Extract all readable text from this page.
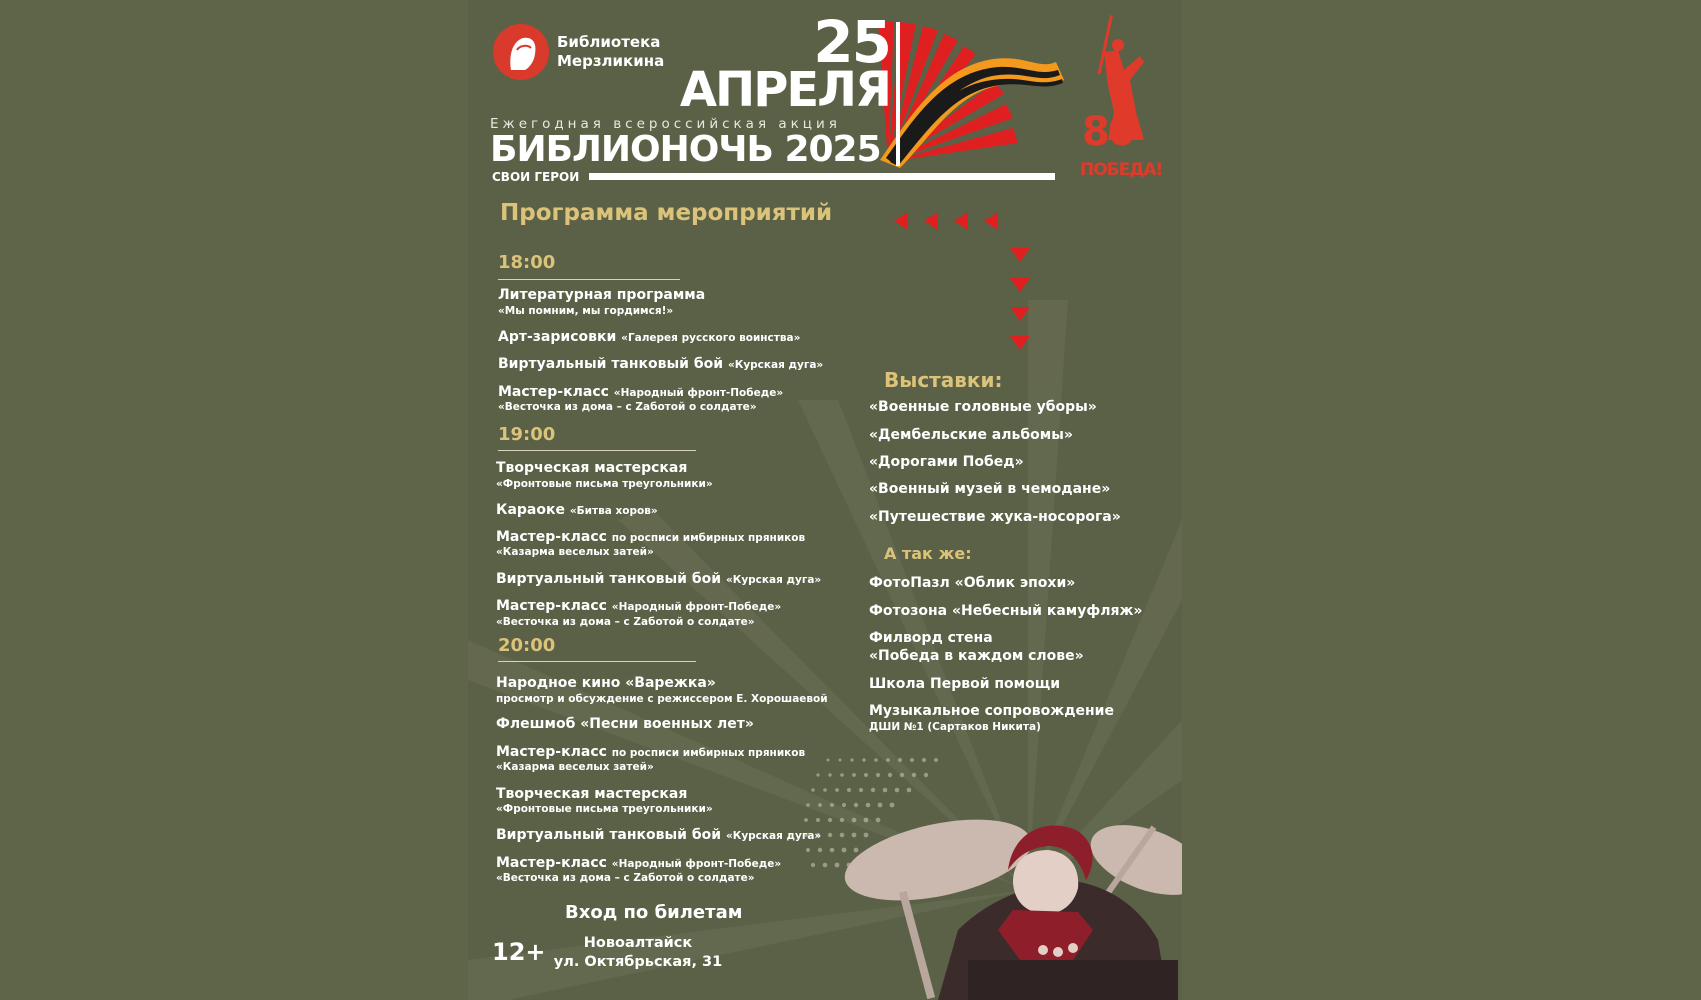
Библиотека
Мерзликина	25
АПРЕЛЯ
Ежегодная всероссийская акция
БИБЛИОНОЧЬ 2025
СВОИ ГЕРОИ
80
ПОБЕДА!
Программа мероприятий
18:00
Литературная программа
«Мы помним, мы гордимся!»
Арт-зарисовки «Галерея русского воинства»
Виртуальный танковый бой «Курская дуга»
Мастер-класс «Народный фронт-Победе»
«Весточка из дома – с Zаботой о солдате»
19:00
Творческая мастерская
«Фронтовые письма треугольники»
Караоке «Битва хоров»
Мастер-класс по росписи имбирных пряников
«Казарма веселых затей»
Виртуальный танковый бой «Курская дуга»
Мастер-класс «Народный фронт-Победе»
«Весточка из дома – с Zаботой о солдате»
20:00
Народное кино «Варежка»
просмотр и обсуждение с режиссером Е. Хорошаевой
Флешмоб «Песни военных лет»
Мастер-класс по росписи имбирных пряников
«Казарма веселых затей»
Творческая мастерская
«Фронтовые письма треугольники»
Виртуальный танковый бой «Курская дуга»
Мастер-класс «Народный фронт-Победе»
«Весточка из дома – с Zаботой о солдате»
Выставки:
«Военные головные уборы»
«Дембельские альбомы»
«Дорогами Побед»
«Военный музей в чемодане»
«Путешествие жука-носорога»
А так же:
ФотоПазл «Облик эпохи»
Фотозона «Небесный камуфляж»
Филворд стена
«Победа в каждом слове»
Школа Первой помощи
Музыкальное сопровождение
ДШИ №1 (Сартаков Никита)
Вход по билетам
12+	Новоалтайск
ул. Октябрьская, 31
